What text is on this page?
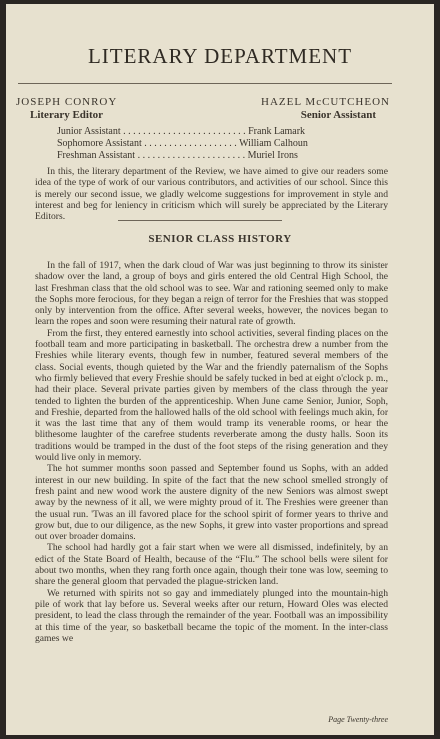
LITERARY DEPARTMENT
JOSEPH CONROY
Literary Editor
HAZEL McCUTCHEON
Senior Assistant
Junior Assistant . . . . . . . . . . . . . . . . . . . . . . . . . Frank Lamark
Sophomore Assistant . . . . . . . . . . . . . . . . . . . William Calhoun
Freshman Assistant . . . . . . . . . . . . . . . . . . . . . . Muriel Irons

In this, the literary department of the Review, we have aimed to give our readers some idea of the type of work of our various contributors, and activities of our school. Since this is merely our second issue, we gladly welcome suggestions for improvement in style and interest and beg for leniency in criticism which will surely be appreciated by the Literary Editors.

SENIOR CLASS HISTORY

In the fall of 1917, when the dark cloud of War was just beginning to throw its sinister shadow over the land, a group of boys and girls entered the old Central High School, the last Freshman class that the old school was to see. War and rationing seemed only to make the Sophs more ferocious, for they began a reign of terror for the Freshies that was stopped only by intervention from the office. After several weeks, however, the novices began to learn the ropes and soon were resuming their natural rate of growth.

From the first, they entered earnestly into school activities, several finding places on the football team and more participating in basketball. The orchestra drew a number from the Freshies while literary events, though few in number, featured several members of the class. Social events, though quieted by the War and the friendly paternalism of the Sophs who firmly believed that every Freshie should be safely tucked in bed at eight o'clock p. m., had their place. Several private parties given by members of the class through the year tended to lighten the burden of the apprenticeship. When June came Senior, Junior, Soph, and Freshie, departed from the hallowed halls of the old school with feelings much akin, for it was the last time that any of them would tramp its venerable rooms, or hear the blithesome laughter of the carefree students reverberate among the dusty halls. Soon its traditions would be tramped in the dust of the foot steps of the rising generation and they would live only in memory.

The hot summer months soon passed and September found us Sophs, with an added interest in our new building. In spite of the fact that the new school smelled strongly of fresh paint and new wood work the austere dignity of the new Seniors was almost swept away by the newness of it all, we were mighty proud of it. The Freshies were greener than the usual run. 'Twas an ill favored place for the school spirit of former years to thrive and grow but, due to our diligence, as the new Sophs, it grew into vaster proportions and spread out over broader domains.

The school had hardly got a fair start when we were all dismissed, indefinitely, by an edict of the State Board of Health, because of the “Flu.” The school bells were silent for about two months, when they rang forth once again, though their tone was low, seeming to share the general gloom that pervaded the plague-stricken land.

We returned with spirits not so gay and immediately plunged into the mountain-high pile of work that lay before us. Several weeks after our return, Howard Oles was elected president, to lead the class through the remainder of the year. Football was an impossibility at this time of the year, so basketball became the topic of the moment. In the inter-class games we

Page Twenty-three
